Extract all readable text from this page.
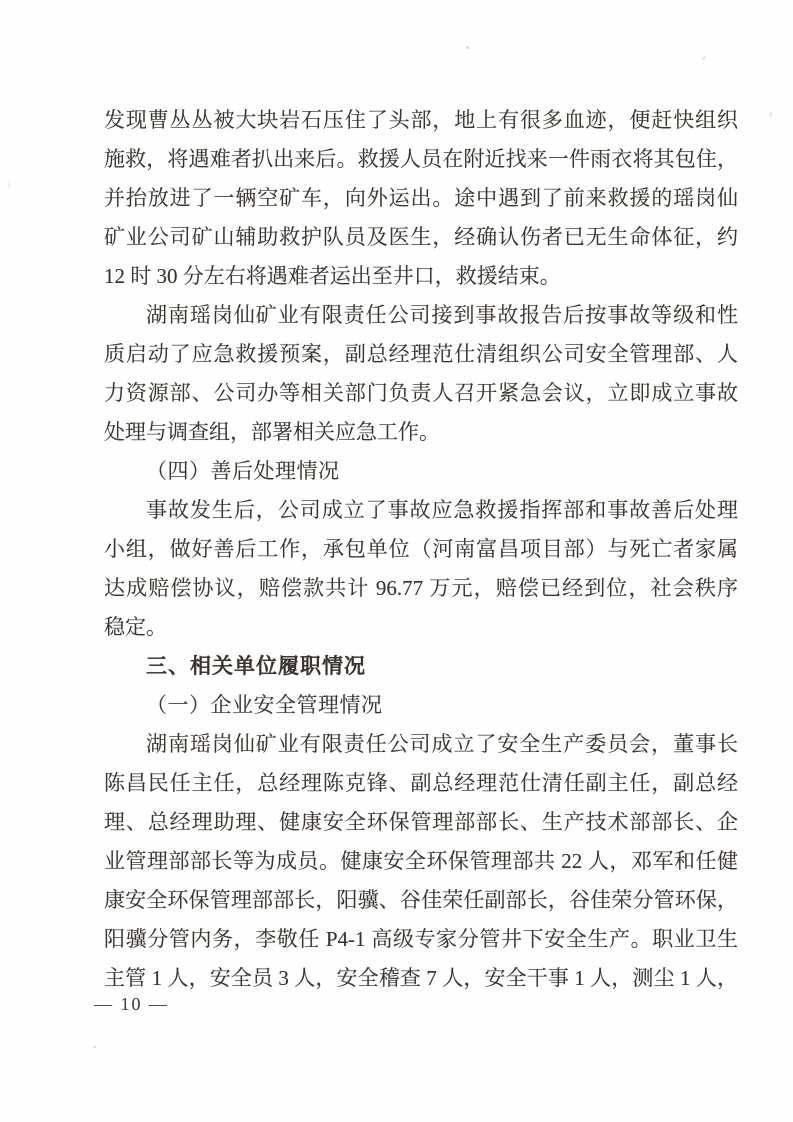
发现曹丛丛被大块岩石压住了头部，地上有很多血迹，便赶快组织
施救，将遇难者扒出来后。救援人员在附近找来一件雨衣将其包住，
并抬放进了一辆空矿车，向外运出。途中遇到了前来救援的瑶岗仙
矿业公司矿山辅助救护队员及医生，经确认伤者已无生命体征，约
12 时 30 分左右将遇难者运出至井口，救援结束。
湖南瑶岗仙矿业有限责任公司接到事故报告后按事故等级和性
质启动了应急救援预案，副总经理范仕清组织公司安全管理部、人
力资源部、公司办等相关部门负责人召开紧急会议，立即成立事故
处理与调查组，部署相关应急工作。
（四）善后处理情况
事故发生后，公司成立了事故应急救援指挥部和事故善后处理
小组，做好善后工作，承包单位（河南富昌项目部）与死亡者家属
达成赔偿协议，赔偿款共计 96.77 万元，赔偿已经到位，社会秩序
稳定。
三、相关单位履职情况
（一）企业安全管理情况
湖南瑶岗仙矿业有限责任公司成立了安全生产委员会，董事长
陈昌民任主任，总经理陈克锋、副总经理范仕清任副主任，副总经
理、总经理助理、健康安全环保管理部部长、生产技术部部长、企
业管理部部长等为成员。健康安全环保管理部共 22 人，邓军和任健
康安全环保管理部部长，阳骥、谷佳荣任副部长，谷佳荣分管环保，
阳骥分管内务，李敬任 P4-1 高级专家分管井下安全生产。职业卫生
主管 1 人，安全员 3 人，安全稽查 7 人，安全干事 1 人，测尘 1 人，
— 10 —
